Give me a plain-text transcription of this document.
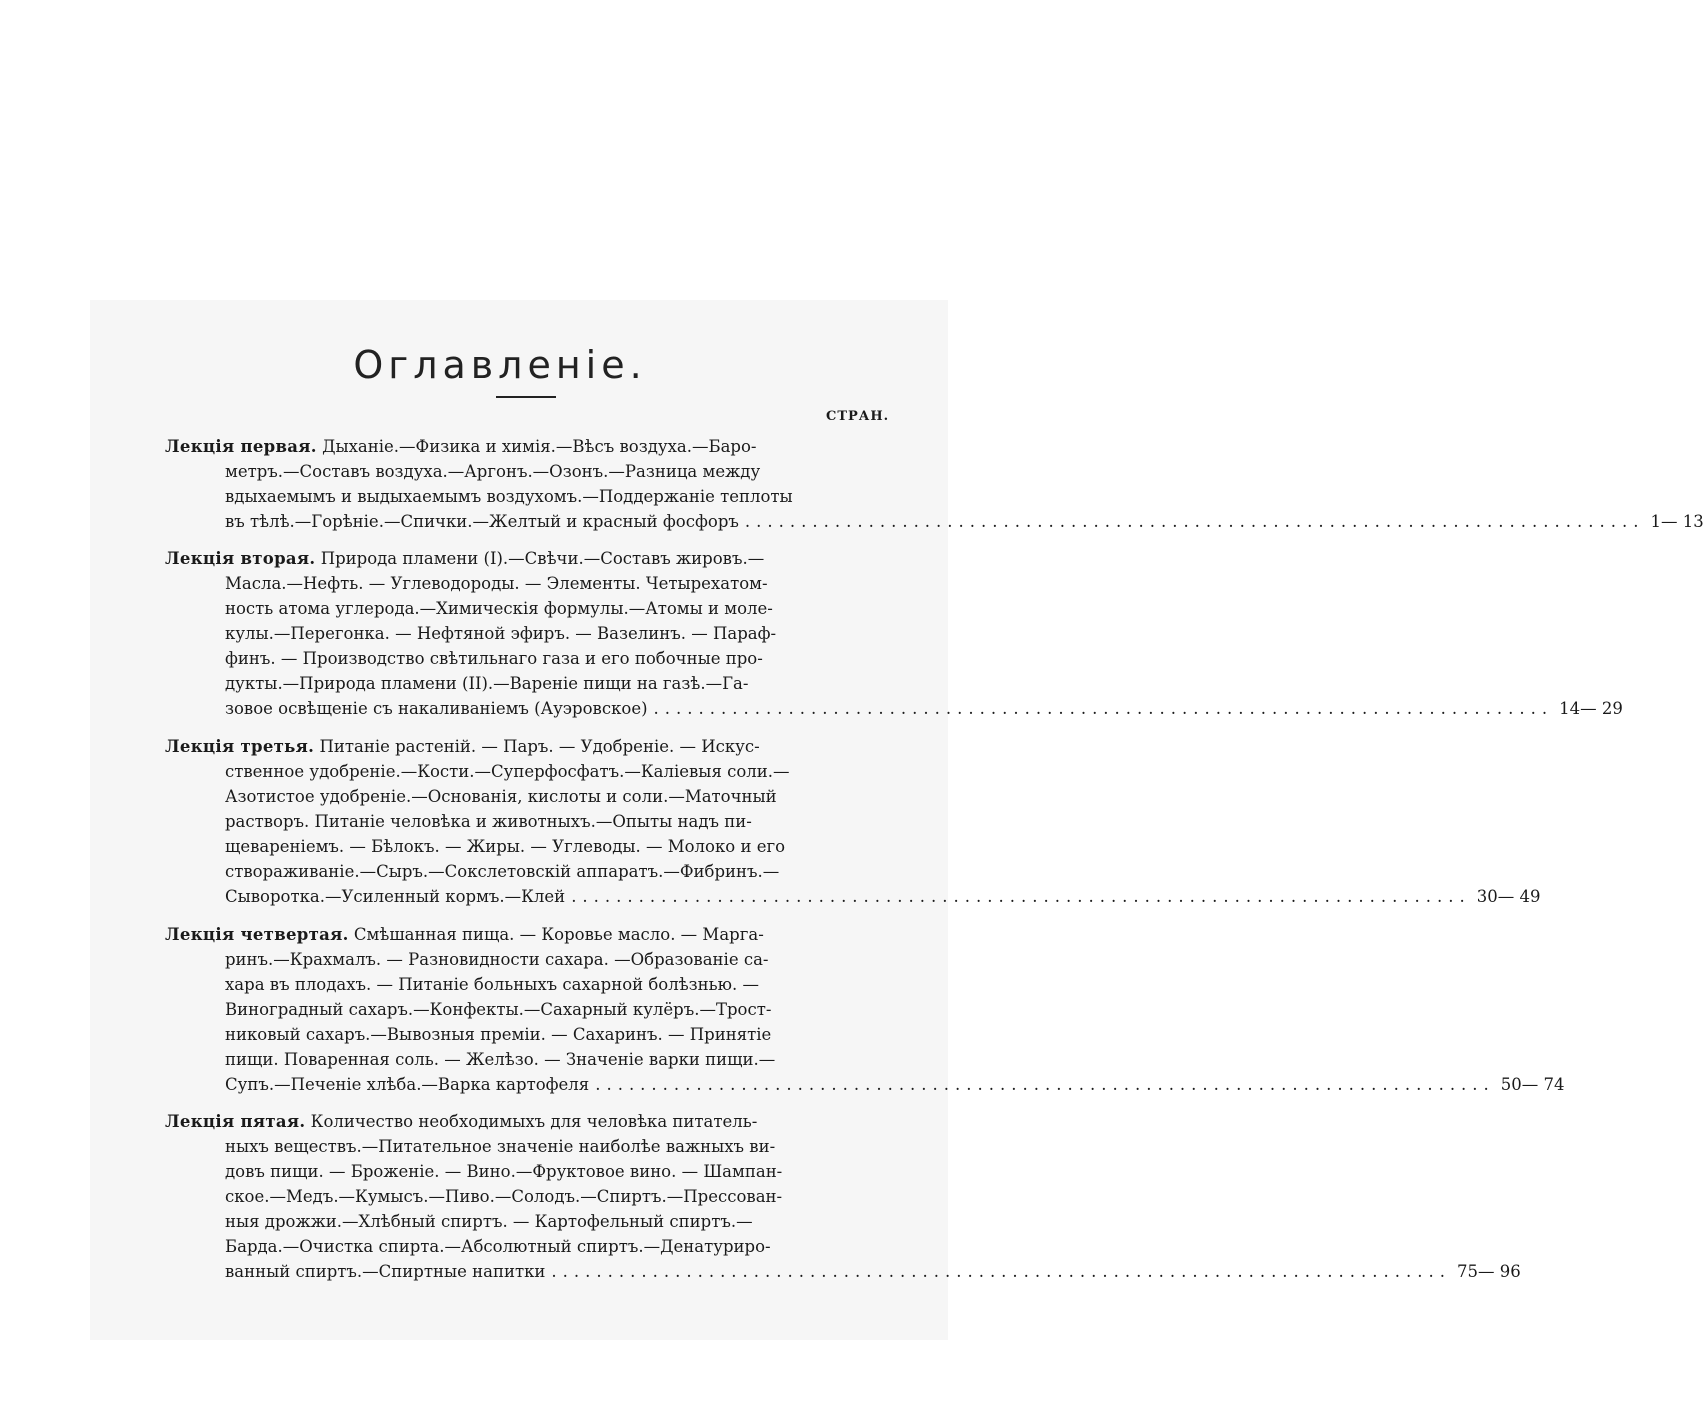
Оглавленіе.
СТРАН.
Лекція первая. Дыханіе.—Физика и химія.—Вѣсъ воздуха.—Баро-
метръ.—Составъ воздуха.—Аргонъ.—Озонъ.—Разница между
вдыхаемымъ и выдыхаемымъ воздухомъ.—Поддержаніе теплоты
въ тѣлѣ.—Горѣніе.—Спички.—Желтый и красный фосфоръ ................................................................................ 1— 13
Лекція вторая. Природа пламени (I).—Свѣчи.—Составъ жировъ.—
Масла.—Нефть. — Углеводороды. — Элементы. Четырехатом-
ность атома углерода.—Химическія формулы.—Атомы и моле-
кулы.—Перегонка. — Нефтяной эфиръ. — Вазелинъ. — Параф-
финъ. — Производство свѣтильнаго газа и его побочные про-
дукты.—Природа пламени (II).—Вареніе пищи на газѣ.—Га-
зовое освѣщеніе съ накаливаніемъ (Ауэровское) ................................................................................ 14— 29
Лекція третья. Питаніе растеній. — Паръ. — Удобреніе. — Искус-
ственное удобреніе.—Кости.—Суперфосфатъ.—Каліевыя соли.—
Азотистое удобреніе.—Основанія, кислоты и соли.—Маточный
растворъ. Питаніе человѣка и животныхъ.—Опыты надъ пи-
щевареніемъ. — Бѣлокъ. — Жиры. — Углеводы. — Молоко и его
створаживаніе.—Сыръ.—Сокслетовскій аппаратъ.—Фибринъ.—
Сыворотка.—Усиленный кормъ.—Клей ................................................................................ 30— 49
Лекція четвертая. Смѣшанная пища. — Коровье масло. — Марга-
ринъ.—Крахмалъ. — Разновидности сахара. —Образованіе са-
хара въ плодахъ. — Питаніе больныхъ сахарной болѣзнью. —
Виноградный сахаръ.—Конфекты.—Сахарный кулёръ.—Трост-
никовый сахаръ.—Вывозныя преміи. — Сахаринъ. — Принятіе
пищи. Поваренная соль. — Желѣзо. — Значеніе варки пищи.—
Супъ.—Печеніе хлѣба.—Варка картофеля ................................................................................ 50— 74
Лекція пятая. Количество необходимыхъ для человѣка питатель-
ныхъ веществъ.—Питательное значеніе наиболѣе важныхъ ви-
довъ пищи. — Броженіе. — Вино.—Фруктовое вино. — Шампан-
ское.—Медъ.—Кумысъ.—Пиво.—Солодъ.—Спиртъ.—Прессован-
ныя дрожжи.—Хлѣбный спиртъ. — Картофельный спиртъ.—
Барда.—Очистка спирта.—Абсолютный спиртъ.—Денатуриро-
ванный спиртъ.—Спиртные напитки ................................................................................ 75— 96
